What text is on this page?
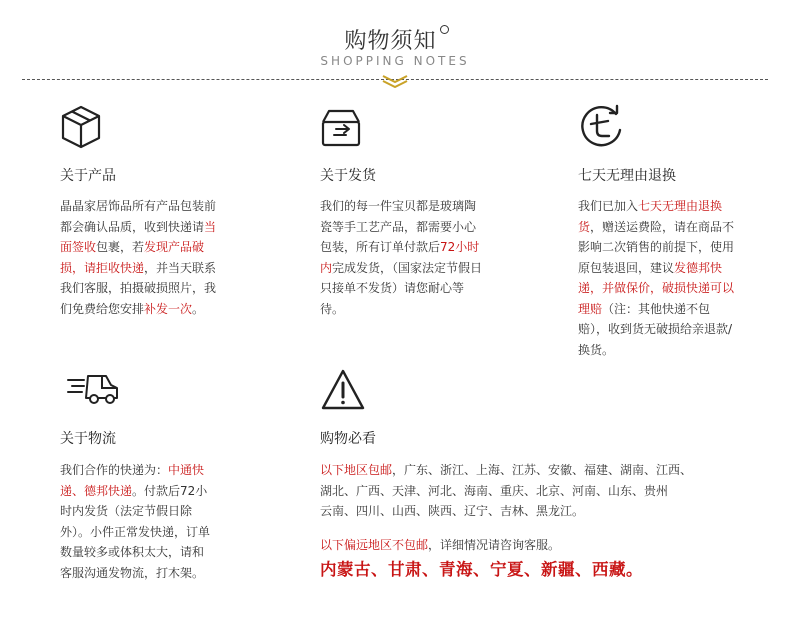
购物须知
SHOPPING NOTES
关于产品
晶晶家居饰品所有产品包装前都会确认品质，收到快递请当面签收包裹，若发现产品破损，请拒收快递，并当天联系我们客服，拍摄破损照片，我们免费给您安排补发一次。
关于发货
我们的每一件宝贝都是玻璃陶瓷等手工艺产品，都需要小心包装，所有订单付款后72小时内完成发货，（国家法定节假日只接单不发货）请您耐心等待。
七天无理由退换
我们已加入七天无理由退换货，赠送运费险，请在商品不影响二次销售的前提下，使用原包装退回，建议发德邦快递，并做保价，破损快递可以理赔（注：其他快递不包赔），收到货无破损给亲退款/换货。
关于物流
我们合作的快递为：中通快递、德邦快递。付款后72小时内发货（法定节假日除外）。小件正常发快递，订单数量较多或体积太大，请和客服沟通发物流，打木架。
购物必看
以下地区包邮，广东、浙江、上海、江苏、安徽、福建、湖南、江西、
湖北、广西、天津、河北、海南、重庆、北京、河南、山东、贵州
云南、四川、山西、陕西、辽宁、吉林、黑龙江。
以下偏远地区不包邮，详细情况请咨询客服。
内蒙古、甘肃、青海、宁夏、新疆、西藏。
